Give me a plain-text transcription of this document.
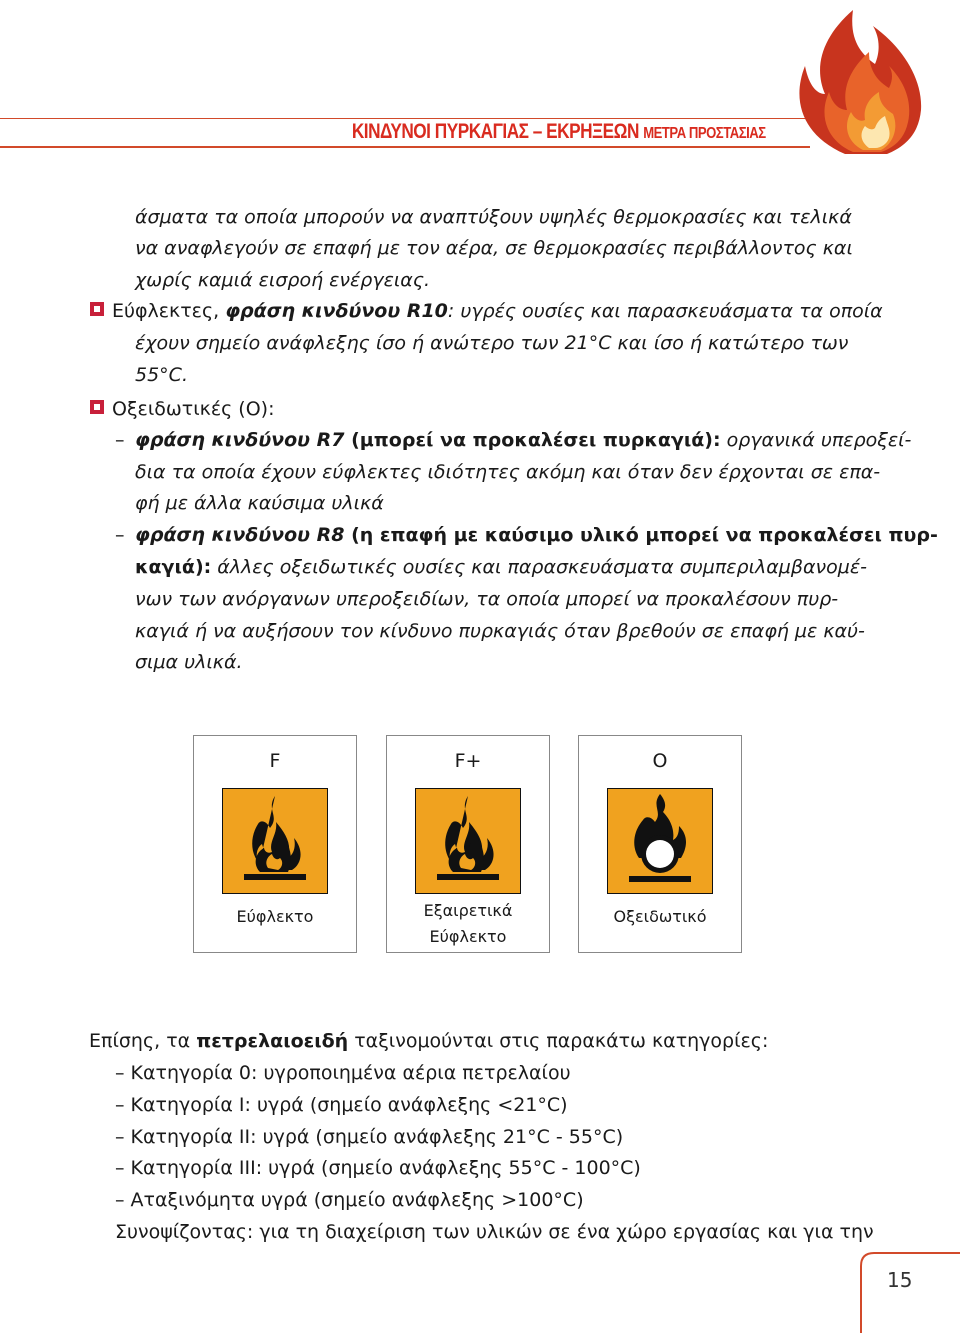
ΚΙΝΔΥΝΟΙ ΠΥΡΚΑΓΙΑΣ – ΕΚΡΗΞΕΩΝ ΜΕΤΡΑ ΠΡΟΣΤΑΣΙΑΣ
άσματα τα οποία μπορούν να αναπτύξουν υψηλές θερμοκρασίες και τελικά
να αναφλεγούν σε επαφή με τον αέρα, σε θερμοκρασίες περιβάλλοντος και
χωρίς καμιά εισροή ενέργειας.
Εύφλεκτες, φράση κινδύνου R10: υγρές ουσίες και παρασκευάσματα τα οποία
έχουν σημείο ανάφλεξης ίσο ή ανώτερο των 21°C και ίσο ή κατώτερο των
55°C.
Οξειδωτικές (Ο):
– φράση κινδύνου R7 (μπορεί να προκαλέσει πυρκαγιά): οργανικά υπεροξεί-
δια τα οποία έχουν εύφλεκτες ιδιότητες ακόμη και όταν δεν έρχονται σε επα-
φή με άλλα καύσιμα υλικά
– φράση κινδύνου R8 (η επαφή με καύσιμο υλικό μπορεί να προκαλέσει πυρ-
καγιά): άλλες οξειδωτικές ουσίες και παρασκευάσματα συμπεριλαμβανομέ-
νων των ανόργανων υπεροξειδίων, τα οποία μπορεί να προκαλέσουν πυρ-
καγιά ή να αυξήσουν τον κίνδυνο πυρκαγιάς όταν βρεθούν σε επαφή με καύ-
σιμα υλικά.
F
Εύφλεκτο
F+
Εξαιρετικά
Εύφλεκτο
O
Οξειδωτικό
Επίσης, τα πετρελαιοειδή ταξινομούνται στις παρακάτω κατηγορίες:
– Κατηγορία 0: υγροποιημένα αέρια πετρελαίου
– Κατηγορία I: υγρά (σημείο ανάφλεξης <21°C)
– Κατηγορία II: υγρά (σημείο ανάφλεξης 21°C - 55°C)
– Κατηγορία III: υγρά (σημείο ανάφλεξης 55°C - 100°C)
– Αταξινόμητα υγρά (σημείο ανάφλεξης >100°C)
Συνοψίζοντας: για τη διαχείριση των υλικών σε ένα χώρο εργασίας και για την
15
